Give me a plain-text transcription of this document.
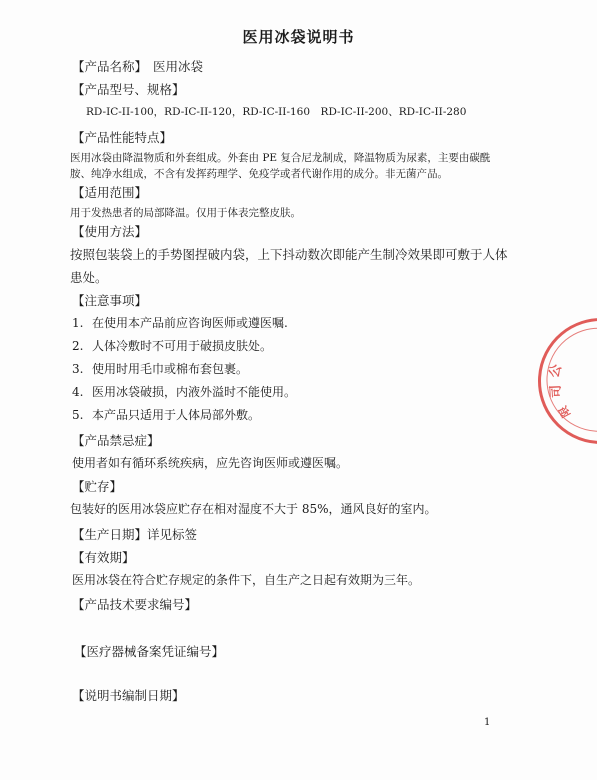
医用冰袋说明书
【产品名称】 医用冰袋
【产品型号、规格】
RD-IC-II-100，RD-IC-II-120，RD-IC-II-160　RD-IC-II-200、RD-IC-II-280
【产品性能特点】
医用冰袋由降温物质和外套组成。外套由 PE 复合尼龙制成，降温物质为尿素，主要由碳酰
胺、纯净水组成，不含有发挥药理学、免疫学或者代谢作用的成分。非无菌产品。
【适用范围】
用于发热患者的局部降温。仅用于体表完整皮肤。
【使用方法】
按照包装袋上的手势图捏破内袋，上下抖动数次即能产生制冷效果即可敷于人体
患处。
【注意事项】
1. 在使用本产品前应咨询医师或遵医嘱.
2. 人体冷敷时不可用于破损皮肤处。
3. 使用时用毛巾或棉布套包裹。
4. 医用冰袋破损，内液外溢时不能使用。
5. 本产品只适用于人体局部外敷。
【产品禁忌症】
使用者如有循环系统疾病，应先咨询医师或遵医嘱。
【贮存】
包装好的医用冰袋应贮存在相对湿度不大于 85%，通风良好的室内。
【生产日期】详见标签
【有效期】
医用冰袋在符合贮存规定的条件下，自生产之日起有效期为三年。
【产品技术要求编号】
【医疗器械备案凭证编号】
【说明书编制日期】
1
公
司
限
